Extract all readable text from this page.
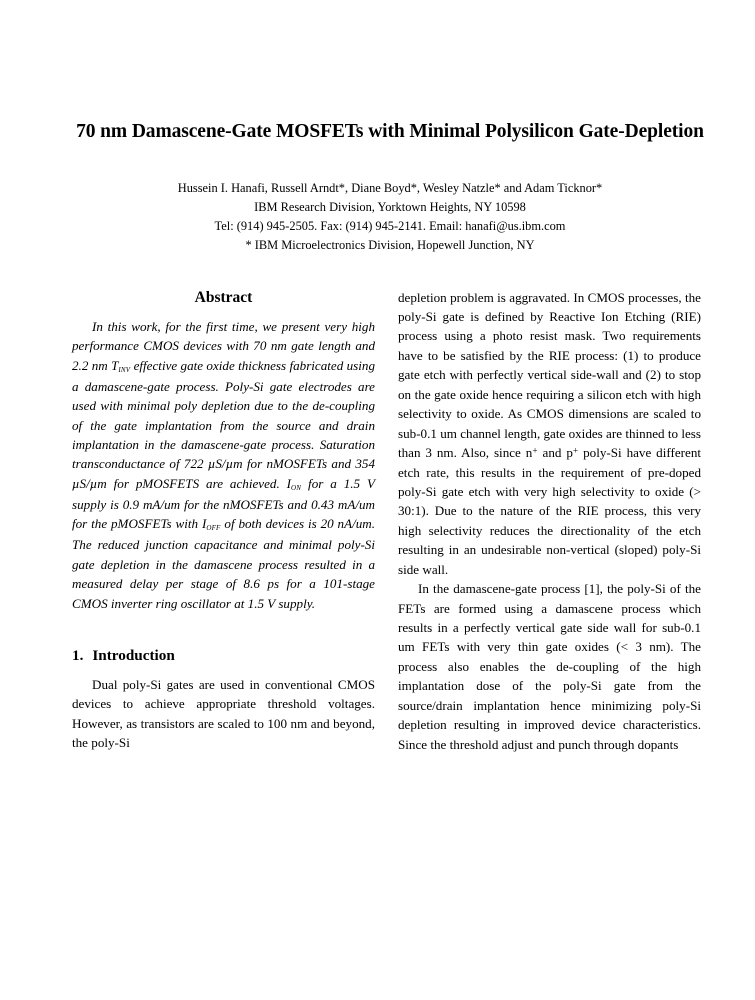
70 nm Damascene-Gate MOSFETs with Minimal Polysilicon Gate-Depletion
Hussein I. Hanafi, Russell Arndt*, Diane Boyd*, Wesley Natzle* and Adam Ticknor*
IBM Research Division, Yorktown Heights, NY 10598
Tel: (914) 945-2505. Fax: (914) 945-2141. Email: hanafi@us.ibm.com
* IBM Microelectronics Division, Hopewell Junction, NY
Abstract

In this work, for the first time, we present very high performance CMOS devices with 70 nm gate length and 2.2 nm $T_{inv}$ effective gate oxide thickness fabricated using a damascene-gate process. Poly-Si gate electrodes are used with minimal poly depletion due to the de-coupling of the gate implantation from the source and drain implantation in the damascene-gate process. Saturation transconductance of 722 µS/µm for nMOSFETs and 354 µS/µm for pMOSFETS are achieved. $I_{on}$ for a 1.5 V supply is 0.9 mA/um for the nMOSFETs and 0.43 mA/um for the pMOSFETs with $I_{off}$ of both devices is 20 nA/um. The reduced junction capacitance and minimal poly-Si gate depletion in the damascene process resulted in a measured delay per stage of 8.6 ps for a 101-stage CMOS inverter ring oscillator at 1.5 V supply.

1. Introduction

Dual poly-Si gates are used in conventional CMOS devices to achieve appropriate threshold voltages. However, as transistors are scaled to 100 nm and beyond, the poly-Si

depletion problem is aggravated. In CMOS processes, the poly-Si gate is defined by Reactive Ion Etching (RIE) process using a photo resist mask. Two requirements have to be satisfied by the RIE process: (1) to produce gate etch with perfectly vertical side-wall and (2) to stop on the gate oxide hence requiring a silicon etch with high selectivity to oxide. As CMOS dimensions are scaled to sub-0.1 um channel length, gate oxides are thinned to less than 3 nm. Also, since n+ and p+ poly-Si have different etch rate, this results in the requirement of pre-doped poly-Si gate etch with very high selectivity to oxide (> 30:1). Due to the nature of the RIE process, this very high selectivity reduces the directionality of the etch resulting in an undesirable non-vertical (sloped) poly-Si side wall.

In the damascene-gate process [1], the poly-Si of the FETs are formed using a damascene process which results in a perfectly vertical gate side wall for sub-0.1 um FETs with very thin gate oxides (< 3 nm). The process also enables the de-coupling of the high implantation dose of the poly-Si gate from the source/drain implantation hence minimizing poly-Si depletion resulting in improved device characteristics. Since the threshold adjust and punch through dopants
